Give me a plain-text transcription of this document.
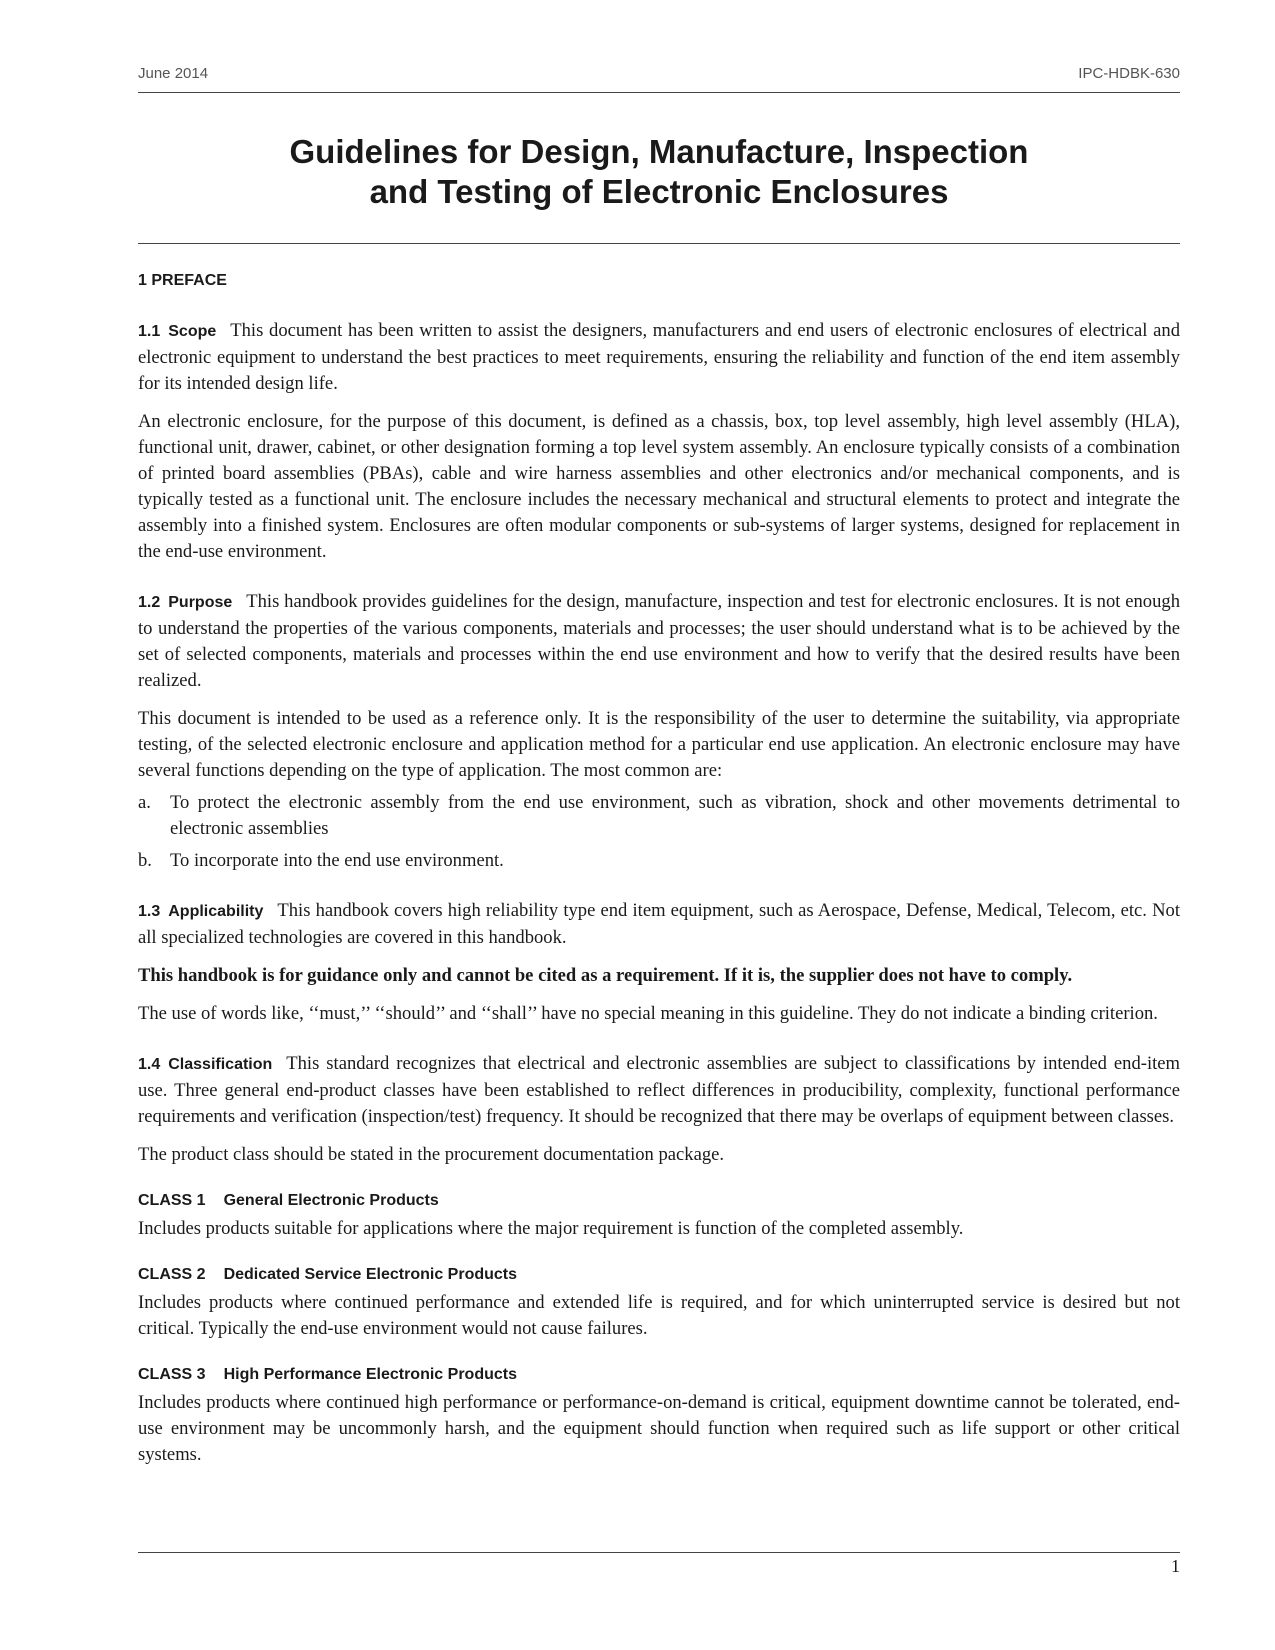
June 2014	IPC-HDBK-630
Guidelines for Design, Manufacture, Inspection
and Testing of Electronic Enclosures
1 PREFACE

1.1 Scope This document has been written to assist the designers, manufacturers and end users of electronic enclosures of electrical and electronic equipment to understand the best practices to meet requirements, ensuring the reliability and function of the end item assembly for its intended design life.

An electronic enclosure, for the purpose of this document, is defined as a chassis, box, top level assembly, high level assembly (HLA), functional unit, drawer, cabinet, or other designation forming a top level system assembly. An enclosure typically consists of a combination of printed board assemblies (PBAs), cable and wire harness assemblies and other electronics and/or mechanical components, and is typically tested as a functional unit. The enclosure includes the necessary mechanical and structural elements to protect and integrate the assembly into a finished system. Enclosures are often modular components or sub-systems of larger systems, designed for replacement in the end-use environment.

1.2 Purpose This handbook provides guidelines for the design, manufacture, inspection and test for electronic enclosures. It is not enough to understand the properties of the various components, materials and processes; the user should understand what is to be achieved by the set of selected components, materials and processes within the end use environment and how to verify that the desired results have been realized.

This document is intended to be used as a reference only. It is the responsibility of the user to determine the suitability, via appropriate testing, of the selected electronic enclosure and application method for a particular end use application. An electronic enclosure may have several functions depending on the type of application. The most common are:

a. To protect the electronic assembly from the end use environment, such as vibration, shock and other movements detrimental to electronic assemblies
b. To incorporate into the end use environment.

1.3 Applicability This handbook covers high reliability type end item equipment, such as Aerospace, Defense, Medical, Telecom, etc. Not all specialized technologies are covered in this handbook.

This handbook is for guidance only and cannot be cited as a requirement. If it is, the supplier does not have to comply.

The use of words like, ‘‘must,’’ ‘‘should’’ and ‘‘shall’’ have no special meaning in this guideline. They do not indicate a binding criterion.

1.4 Classification This standard recognizes that electrical and electronic assemblies are subject to classifications by intended end-item use. Three general end-product classes have been established to reflect differences in producibility, complexity, functional performance requirements and verification (inspection/test) frequency. It should be recognized that there may be overlaps of equipment between classes.

The product class should be stated in the procurement documentation package.

CLASS 1 General Electronic Products

Includes products suitable for applications where the major requirement is function of the completed assembly.

CLASS 2 Dedicated Service Electronic Products

Includes products where continued performance and extended life is required, and for which uninterrupted service is desired but not critical. Typically the end-use environment would not cause failures.

CLASS 3 High Performance Electronic Products

Includes products where continued high performance or performance-on-demand is critical, equipment downtime cannot be tolerated, end-use environment may be uncommonly harsh, and the equipment should function when required such as life support or other critical systems.

1
